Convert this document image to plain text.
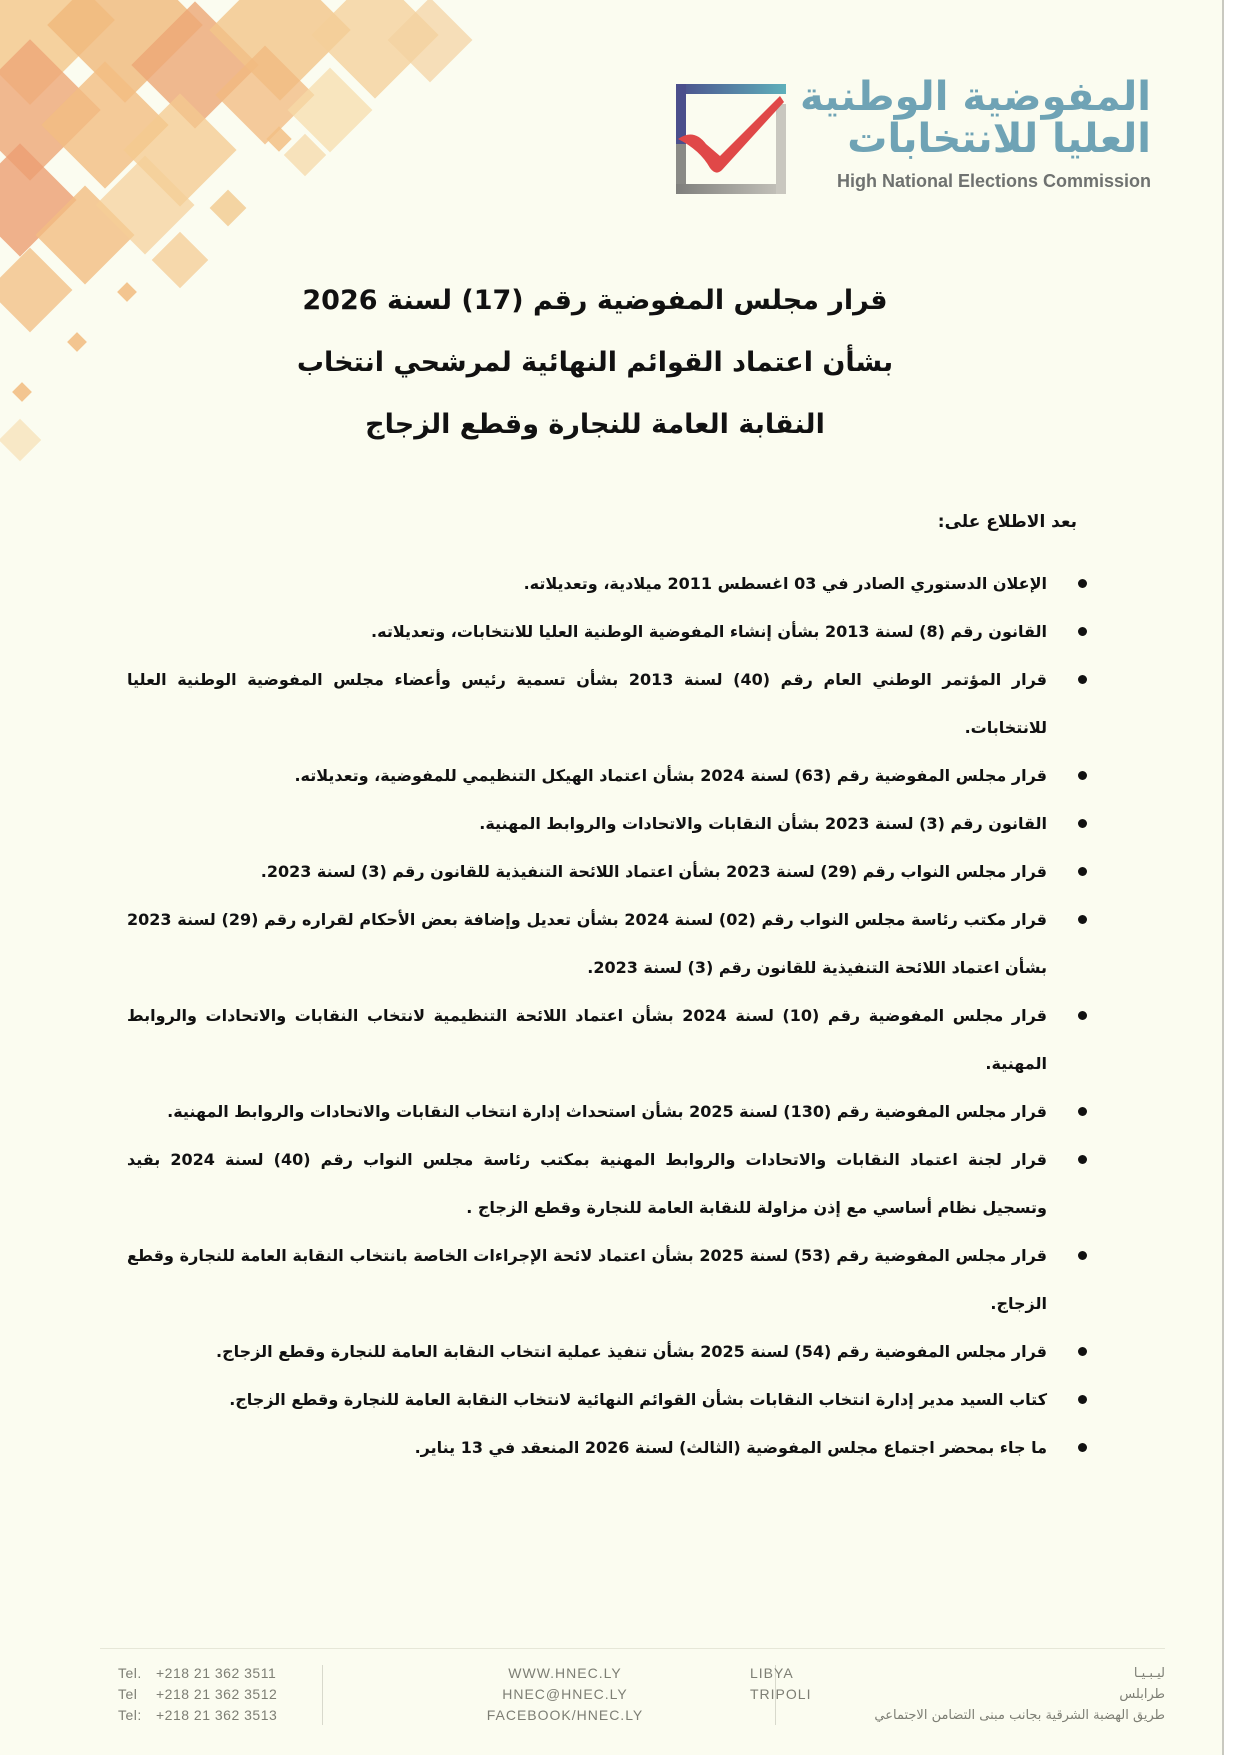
المفوضية الوطنية
العليا للانتخابات
High National Elections Commission
قرار مجلس المفوضية رقم (17) لسنة 2026
بشأن اعتماد القوائم النهائية لمرشحي انتخاب
النقابة العامة للنجارة وقطع الزجاج
بعد الاطلاع على:
الإعلان الدستوري الصادر في 03 اغسطس 2011 ميلادية، وتعديلاته.
القانون رقم (8) لسنة 2013 بشأن إنشاء المفوضية الوطنية العليا للانتخابات، وتعديلاته.
قرار المؤتمر الوطني العام رقم (40) لسنة 2013 بشأن تسمية رئيس وأعضاء مجلس المفوضية الوطنية العليا للانتخابات.
قرار مجلس المفوضية رقم (63) لسنة 2024 بشأن اعتماد الهيكل التنظيمي للمفوضية، وتعديلاته.
القانون رقم (3) لسنة 2023 بشأن النقابات والاتحادات والروابط المهنية.
قرار مجلس النواب رقم (29) لسنة 2023 بشأن اعتماد اللائحة التنفيذية للقانون رقم (3) لسنة 2023.
قرار مكتب رئاسة مجلس النواب رقم (02) لسنة 2024 بشأن تعديل وإضافة بعض الأحكام لقراره رقم (29) لسنة 2023 بشأن اعتماد اللائحة التنفيذية للقانون رقم (3) لسنة 2023.
قرار مجلس المفوضية رقم (10) لسنة 2024 بشأن اعتماد اللائحة التنظيمية لانتخاب النقابات والاتحادات والروابط المهنية.
قرار مجلس المفوضية رقم (130) لسنة 2025 بشأن استحداث إدارة انتخاب النقابات والاتحادات والروابط المهنية.
قرار لجنة اعتماد النقابات والاتحادات والروابط المهنية بمكتب رئاسة مجلس النواب رقم (40) لسنة 2024 بقيد وتسجيل نظام أساسي مع إذن مزاولة للنقابة العامة للنجارة وقطع الزجاج .
قرار مجلس المفوضية رقم (53) لسنة 2025 بشأن اعتماد لائحة الإجراءات الخاصة بانتخاب النقابة العامة للنجارة وقطع الزجاج.
قرار مجلس المفوضية رقم (54) لسنة 2025 بشأن تنفيذ عملية انتخاب النقابة العامة للنجارة وقطع الزجاج.
كتاب السيد مدير إدارة انتخاب النقابات بشأن القوائم النهائية لانتخاب النقابة العامة للنجارة وقطع الزجاج.
ما جاء بمحضر اجتماع مجلس المفوضية (الثالث) لسنة 2026 المنعقد في 13 يناير.
Tel. +218 21 362 3511
Tel +218 21 362 3512
Tel: +218 21 362 3513
WWW.HNEC.LY
HNEC@HNEC.LY
FACEBOOK/HNEC.LY
LIBYA
TRIPOLI
ليـبـيـا
طرابلس
طريق الهضبة الشرقية بجانب مبنى التضامن الاجتماعي
